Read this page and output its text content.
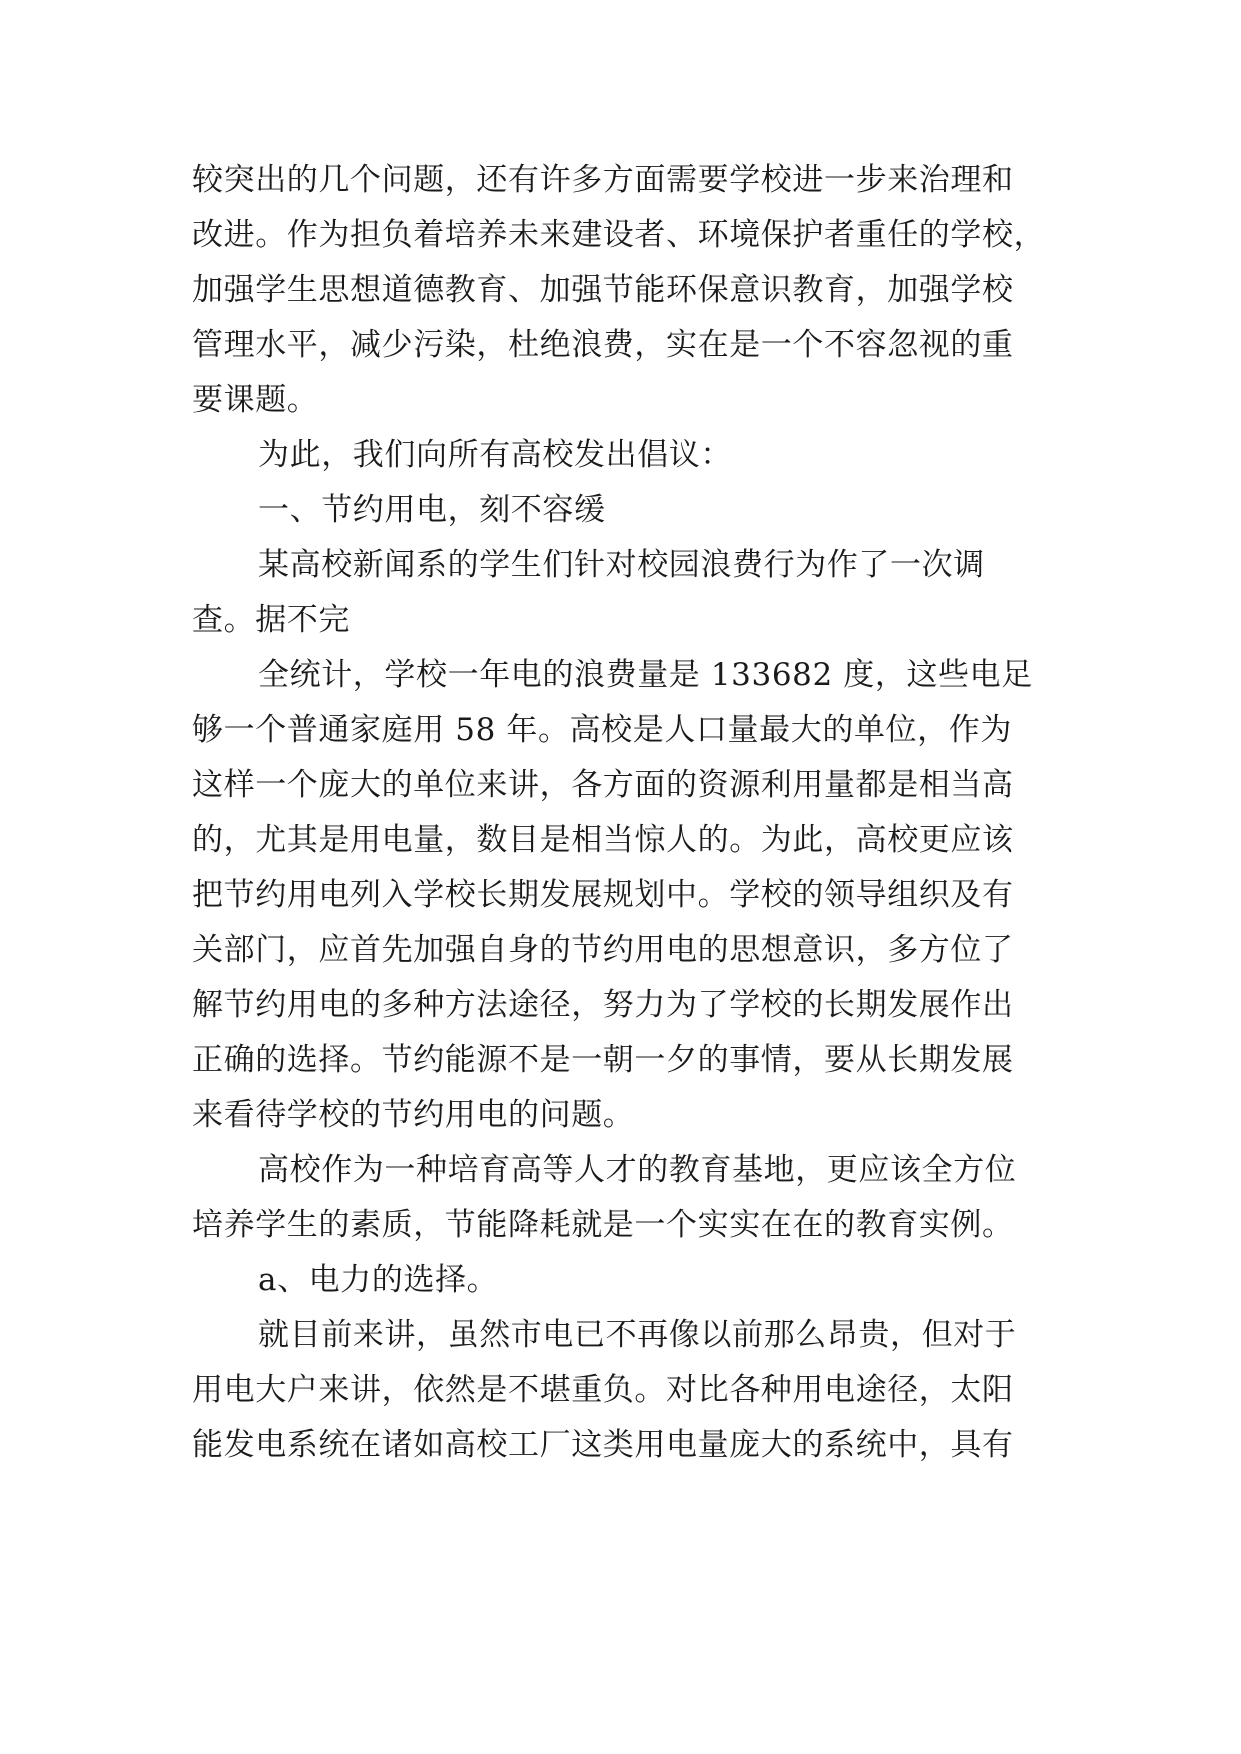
较突出的几个问题，还有许多方面需要学校进一步来治理和

改进。作为担负着培养未来建设者、环境保护者重任的学校，

加强学生思想道德教育、加强节能环保意识教育，加强学校

管理水平，减少污染，杜绝浪费，实在是一个不容忽视的重

要课题。

为此，我们向所有高校发出倡议：

一、节约用电，刻不容缓

某高校新闻系的学生们针对校园浪费行为作了一次调

查。据不完

全统计，学校一年电的浪费量是 133682 度，这些电足

够一个普通家庭用 58 年。高校是人口量最大的单位，作为

这样一个庞大的单位来讲，各方面的资源利用量都是相当高

的，尤其是用电量，数目是相当惊人的。为此，高校更应该

把节约用电列入学校长期发展规划中。学校的领导组织及有

关部门，应首先加强自身的节约用电的思想意识，多方位了

解节约用电的多种方法途径，努力为了学校的长期发展作出

正确的选择。节约能源不是一朝一夕的事情，要从长期发展

来看待学校的节约用电的问题。

高校作为一种培育高等人才的教育基地，更应该全方位

培养学生的素质，节能降耗就是一个实实在在的教育实例。

a、电力的选择。

就目前来讲，虽然市电已不再像以前那么昂贵，但对于

用电大户来讲，依然是不堪重负。对比各种用电途径，太阳

能发电系统在诸如高校工厂这类用电量庞大的系统中，具有
